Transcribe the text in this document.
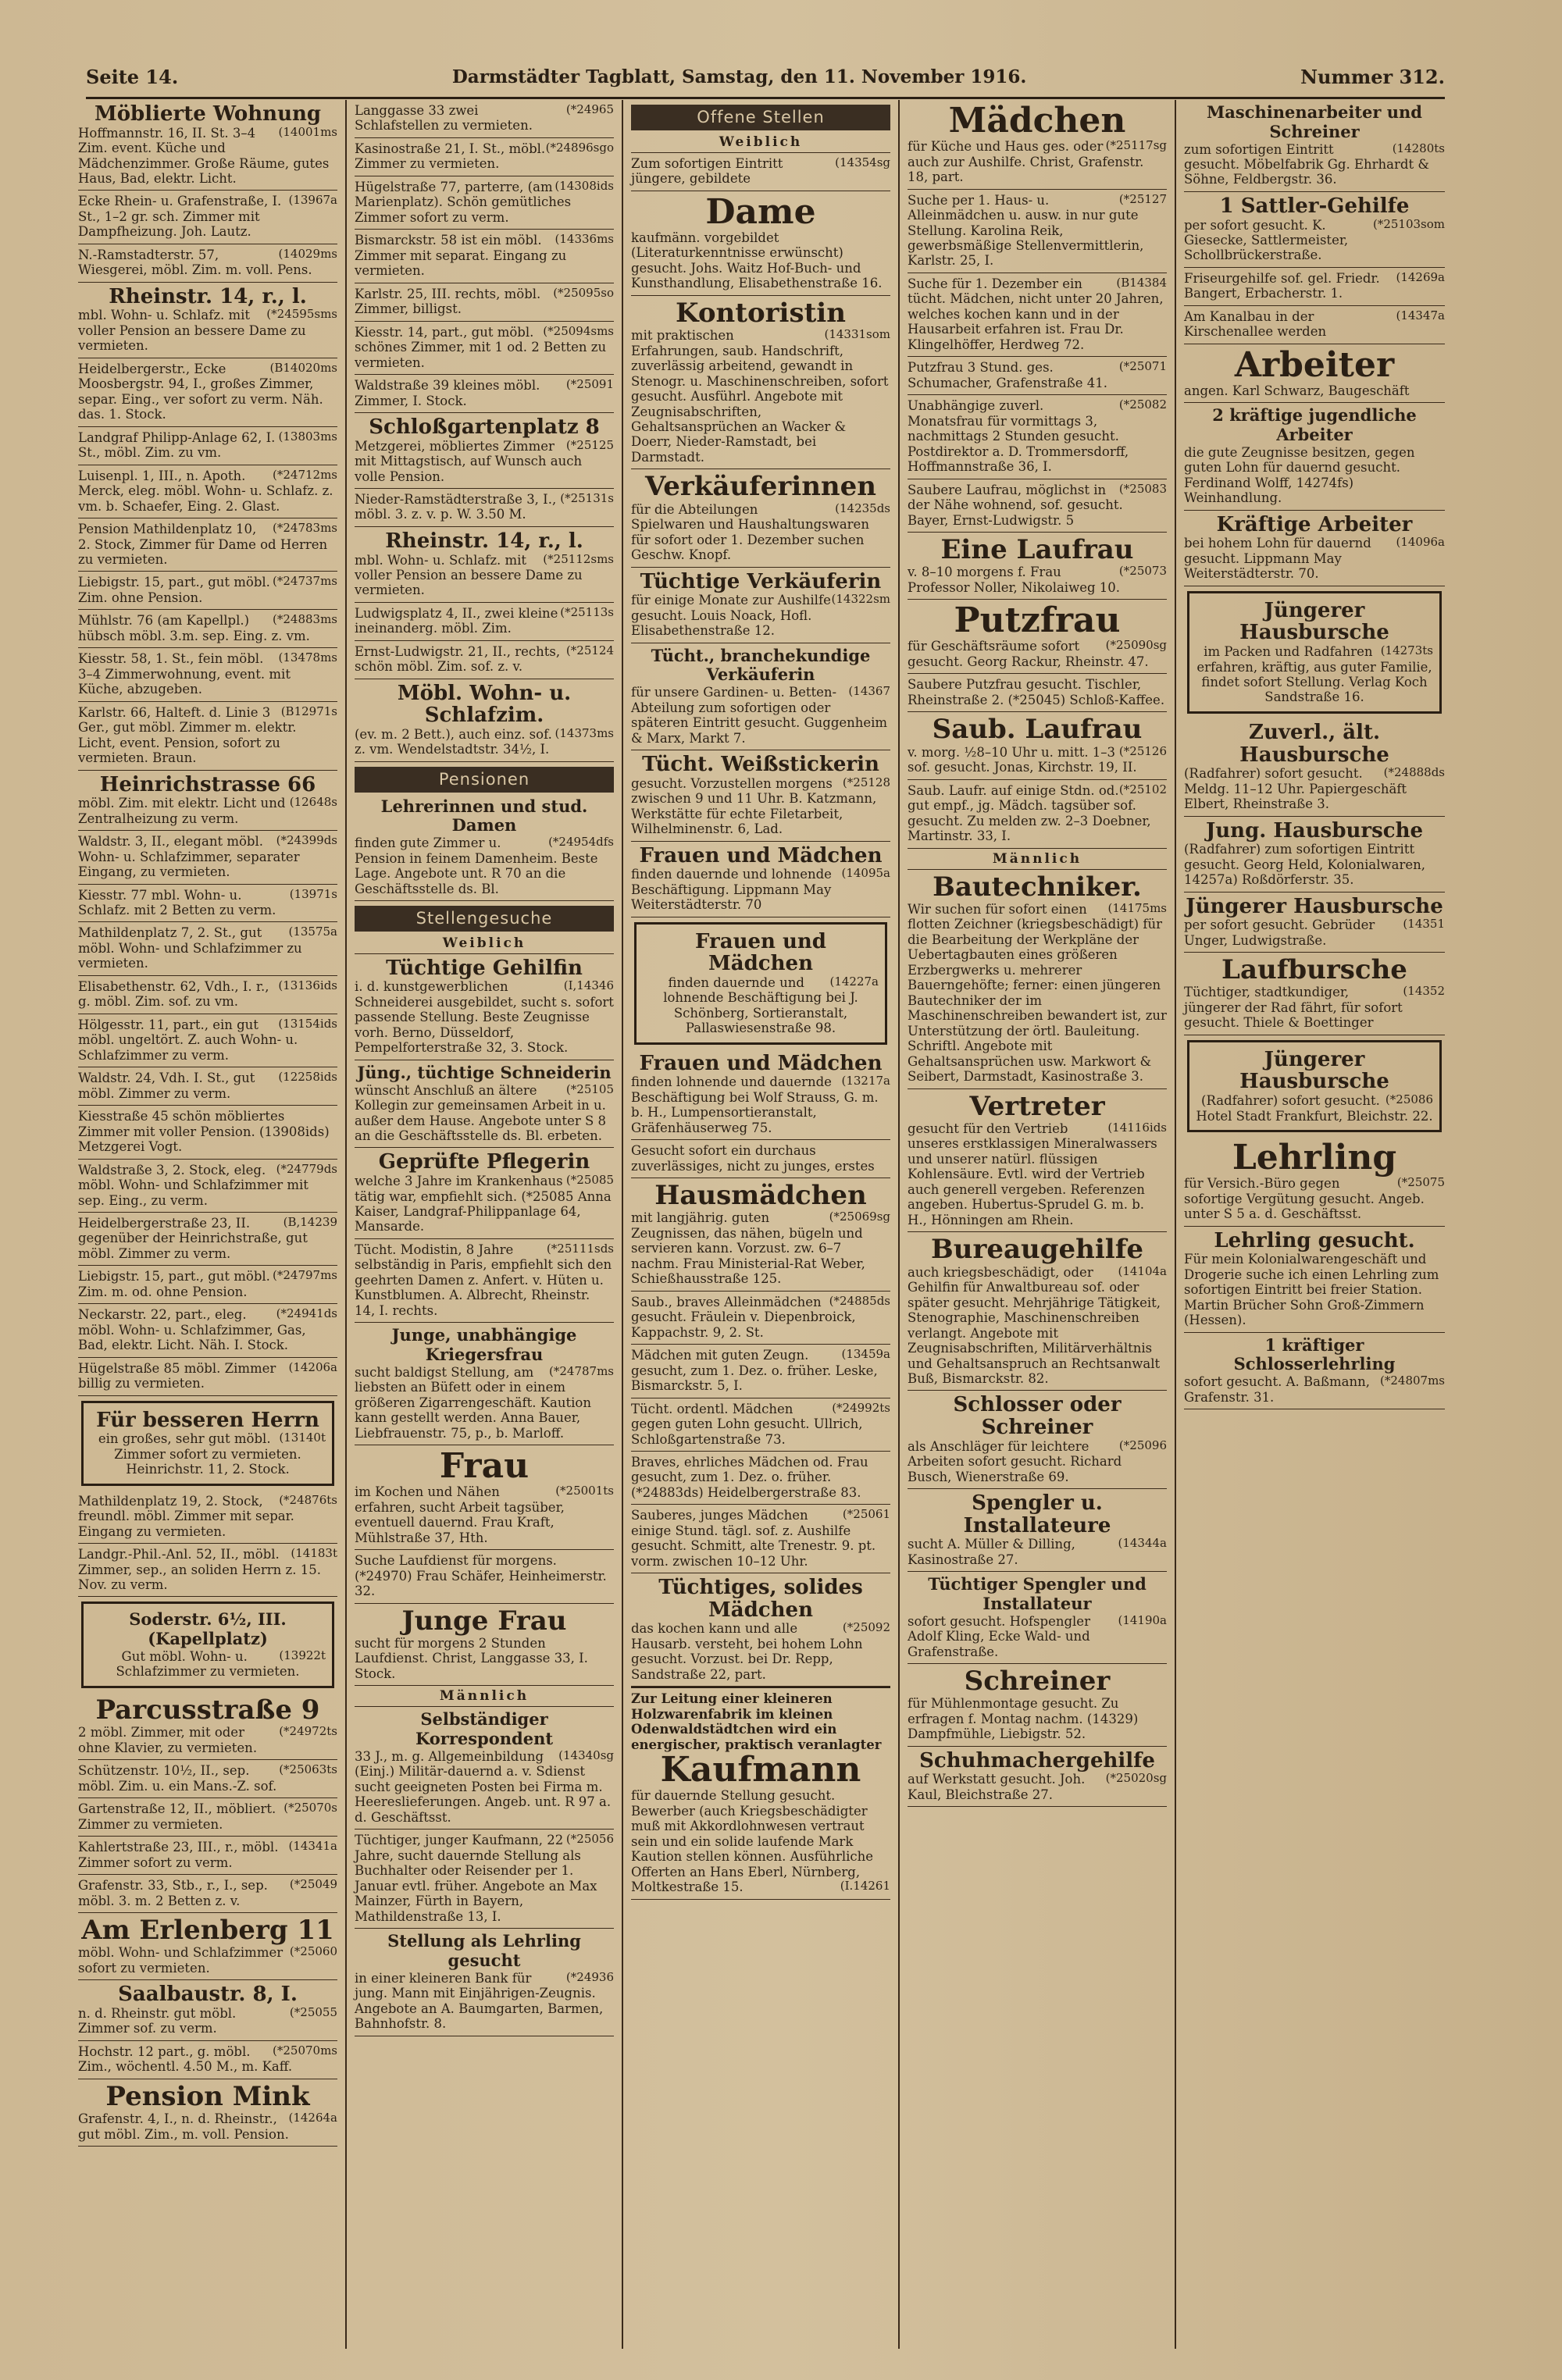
Seite 14.	Darmstädter Tagblatt, Samstag, den 11. November 1916.	Nummer 312.
Möblierte Wohnung
(14001ms
Hoffmannstr. 16, II. St. 3–4 Zim. event. Küche und Mädchenzimmer. Große Räume, gutes Haus, Bad, elektr. Licht.
(13967a
Ecke Rhein- u. Grafenstraße, I. St., 1–2 gr. sch. Zimmer mit Dampfheizung. Joh. Lautz.
(14029ms
N.-Ramstadterstr. 57, Wiesgerei, möbl. Zim. m. voll. Pens.
Rheinstr. 14, r., l.
(*24595sms
mbl. Wohn- u. Schlafz. mit voller Pension an bessere Dame zu vermieten.
(B14020ms
Heidelbergerstr., Ecke Moosbergstr. 94, I., großes Zimmer, separ. Eing., ver sofort zu verm. Näh. das. 1. Stock.
(13803ms
Landgraf Philipp-Anlage 62, I. St., möbl. Zim. zu vm.
(*24712ms
Luisenpl. 1, III., n. Apoth. Merck, eleg. möbl. Wohn- u. Schlafz. z. vm. b. Schaefer, Eing. 2. Glast.
(*24783ms
Pension Mathildenplatz 10, 2. Stock, Zimmer für Dame od Herren zu vermieten.
(*24737ms
Liebigstr. 15, part., gut möbl. Zim. ohne Pension.
(*24883ms
Mühlstr. 76 (am Kapellpl.) hübsch möbl. 3.m. sep. Eing. z. vm.
(13478ms
Kiesstr. 58, 1. St., fein möbl. 3–4 Zimmerwohnung, event. mit Küche, abzugeben.
(B12971s
Karlstr. 66, Halteft. d. Linie 3 Ger., gut möbl. Zimmer m. elektr. Licht, event. Pension, sofort zu vermieten. Braun.
Heinrichstrasse 66
(12648s
möbl. Zim. mit elektr. Licht und Zentralheizung zu verm.
(*24399ds
Waldstr. 3, II., elegant möbl. Wohn- u. Schlafzimmer, separater Eingang, zu vermieten.
(13971s
Kiesstr. 77 mbl. Wohn- u. Schlafz. mit 2 Betten zu verm.
(13575a
Mathildenplatz 7, 2. St., gut möbl. Wohn- und Schlafzimmer zu vermieten.
(13136ids
Elisabethenstr. 62, Vdh., I. r., g. möbl. Zim. sof. zu vm.
(13154ids
Hölgesstr. 11, part., ein gut möbl. ungeltört. Z. auch Wohn- u. Schlafzimmer zu verm.
(12258ids
Waldstr. 24, Vdh. I. St., gut möbl. Zimmer zu verm.
Kiesstraße 45 schön möbliertes Zimmer mit voller Pension. (13908ids) Metzgerei Vogt.
(*24779ds
Waldstraße 3, 2. Stock, eleg. möbl. Wohn- und Schlafzimmer mit sep. Eing., zu verm.
(B,14239
Heidelbergerstraße 23, II. gegenüber der Heinrichstraße, gut möbl. Zimmer zu verm.
(*24797ms
Liebigstr. 15, part., gut möbl. Zim. m. od. ohne Pension.
(*24941ds
Neckarstr. 22, part., eleg. möbl. Wohn- u. Schlafzimmer, Gas, Bad, elektr. Licht. Näh. I. Stock.
(14206a
Hügelstraße 85 möbl. Zimmer billig zu vermieten.
Für besseren Herrn
(13140t
ein großes, sehr gut möbl. Zimmer sofort zu vermieten. Heinrichstr. 11, 2. Stock.
(*24876ts
Mathildenplatz 19, 2. Stock, freundl. möbl. Zimmer mit separ. Eingang zu vermieten.
(14183t
Landgr.-Phil.-Anl. 52, II., möbl. Zimmer, sep., an soliden Herrn z. 15. Nov. zu verm.
Soderstr. 6½, III. (Kapellplatz)
(13922t
Gut möbl. Wohn- u. Schlafzimmer zu vermieten.
Parcusstraße 9
(*24972ts
2 möbl. Zimmer, mit oder ohne Klavier, zu vermieten.
(*25063ts
Schützenstr. 10½, II., sep. möbl. Zim. u. ein Mans.-Z. sof.
(*25070s
Gartenstraße 12, II., möbliert. Zimmer zu vermieten.
(14341a
Kahlertstraße 23, III., r., möbl. Zimmer sofort zu verm.
(*25049
Grafenstr. 33, Stb., r., I., sep. möbl. 3. m. 2 Betten z. v.
Am Erlenberg 11
(*25060
möbl. Wohn- und Schlafzimmer sofort zu vermieten.
Saalbaustr. 8, I.
(*25055
n. d. Rheinstr. gut möbl. Zimmer sof. zu verm.
(*25070ms
Hochstr. 12 part., g. möbl. Zim., wöchentl. 4.50 M., m. Kaff.
Pension Mink
(14264a
Grafenstr. 4, I., n. d. Rheinstr., gut möbl. Zim., m. voll. Pension.
(*24965
Langgasse 33 zwei Schlafstellen zu vermieten.
(*24896sgo
Kasinostraße 21, I. St., möbl. Zimmer zu vermieten.
(14308ids
Hügelstraße 77, parterre, (am Marienplatz). Schön gemütliches Zimmer sofort zu verm.
(14336ms
Bismarckstr. 58 ist ein möbl. Zimmer mit separat. Eingang zu vermieten.
(*25095so
Karlstr. 25, III. rechts, möbl. Zimmer, billigst.
(*25094sms
Kiesstr. 14, part., gut möbl. schönes Zimmer, mit 1 od. 2 Betten zu vermieten.
(*25091
Waldstraße 39 kleines möbl. Zimmer, I. Stock.
Schloßgartenplatz 8
(*25125
Metzgerei, möbliertes Zimmer mit Mittagstisch, auf Wunsch auch volle Pension.
(*25131s
Nieder-Ramstädterstraße 3, I., möbl. 3. z. v. p. W. 3.50 M.
Rheinstr. 14, r., l.
(*25112sms
mbl. Wohn- u. Schlafz. mit voller Pension an bessere Dame zu vermieten.
(*25113s
Ludwigsplatz 4, II., zwei kleine ineinanderg. möbl. Zim.
(*25124
Ernst-Ludwigstr. 21, II., rechts, schön möbl. Zim. sof. z. v.
Möbl. Wohn- u. Schlafzim.
(14373ms
(ev. m. 2 Bett.), auch einz. sof. z. vm. Wendelstadtstr. 34½, I.
Pensionen
Lehrerinnen und stud. Damen
(*24954dfs
finden gute Zimmer u. Pension in feinem Damenheim. Beste Lage. Angebote unt. R 70 an die Geschäftsstelle ds. Bl.
Stellengesuche
Weiblich
Tüchtige Gehilfin
(I,14346
i. d. kunstgewerblichen Schneiderei ausgebildet, sucht s. sofort passende Stellung. Beste Zeugnisse vorh. Berno, Düsseldorf, Pempelforterstraße 32, 3. Stock.
Jüng., tüchtige Schneiderin
(*25105
wünscht Anschluß an ältere Kollegin zur gemeinsamen Arbeit in u. außer dem Hause. Angebote unter S 8 an die Geschäftsstelle ds. Bl. erbeten.
Geprüfte Pflegerin
(*25085
welche 3 Jahre im Krankenhaus tätig war, empfiehlt sich. (*25085 Anna Kaiser, Landgraf-Philippanlage 64, Mansarde.
(*25111sds
Tücht. Modistin, 8 Jahre selbständig in Paris, empfiehlt sich den geehrten Damen z. Anfert. v. Hüten u. Kunstblumen. A. Albrecht, Rheinstr. 14, I. rechts.
Junge, unabhängige Kriegersfrau
(*24787ms
sucht baldigst Stellung, am liebsten an Büfett oder in einem größeren Zigarrengeschäft. Kaution kann gestellt werden. Anna Bauer, Liebfrauenstr. 75, p., b. Marloff.
Frau
(*25001ts
im Kochen und Nähen erfahren, sucht Arbeit tagsüber, eventuell dauernd. Frau Kraft, Mühlstraße 37, Hth.
Suche Laufdienst für morgens. (*24970) Frau Schäfer, Heinheimerstr. 32.
Junge Frau
sucht für morgens 2 Stunden Laufdienst. Christ, Langgasse 33, I. Stock.
Männlich
Selbständiger Korrespondent
(14340sg
33 J., m. g. Allgemeinbildung (Einj.) Militär-dauernd a. v. Sdienst sucht geeigneten Posten bei Firma m. Heereslieferungen. Angeb. unt. R 97 a. d. Geschäftsst.
(*25056
Tüchtiger, junger Kaufmann, 22 Jahre, sucht dauernde Stellung als Buchhalter oder Reisender per 1. Januar evtl. früher. Angebote an Max Mainzer, Fürth in Bayern, Mathildenstraße 13, I.
Stellung als Lehrling gesucht
(*24936
in einer kleineren Bank für jung. Mann mit Einjährigen-Zeugnis. Angebote an A. Baumgarten, Barmen, Bahnhofstr. 8.
Offene Stellen
Weiblich
(14354sg
Zum sofortigen Eintritt jüngere, gebildete
Dame
kaufmänn. vorgebildet (Literaturkenntnisse erwünscht) gesucht. Johs. Waitz Hof-Buch- und Kunsthandlung, Elisabethenstraße 16.
Kontoristin
(14331som
mit praktischen Erfahrungen, saub. Handschrift, zuverlässig arbeitend, gewandt in Stenogr. u. Maschinenschreiben, sofort gesucht. Ausführl. Angebote mit Zeugnisabschriften, Gehaltsansprüchen an Wacker & Doerr, Nieder-Ramstadt, bei Darmstadt.
Verkäuferinnen
(14235ds
für die Abteilungen Spielwaren und Haushaltungswaren für sofort oder 1. Dezember suchen Geschw. Knopf.
Tüchtige Verkäuferin
(14322sm
für einige Monate zur Aushilfe gesucht. Louis Noack, Hofl. Elisabethenstraße 12.
Tücht., branchekundige Verkäuferin
(14367
für unsere Gardinen- u. Betten-Abteilung zum sofortigen oder späteren Eintritt gesucht. Guggenheim & Marx, Markt 7.
Tücht. Weißstickerin
(*25128
gesucht. Vorzustellen morgens zwischen 9 und 11 Uhr. B. Katzmann, Werkstätte für echte Filetarbeit, Wilhelminenstr. 6, Lad.
Frauen und Mädchen
(14095a
finden dauernde und lohnende Beschäftigung. Lippmann May Weiterstädterstr. 70
Frauen und Mädchen
(14227a
finden dauernde und lohnende Beschäftigung bei J. Schönberg, Sortieranstalt, Pallaswiesenstraße 98.
Frauen und Mädchen
(13217a
finden lohnende und dauernde Beschäftigung bei Wolf Strauss, G. m. b. H., Lumpensortieranstalt, Gräfenhäuserweg 75.
Gesucht sofort ein durchaus zuverlässiges, nicht zu junges, erstes
Hausmädchen
(*25069sg
mit langjährig. guten Zeugnissen, das nähen, bügeln und servieren kann. Vorzust. zw. 6–7 nachm. Frau Ministerial-Rat Weber, Schießhausstraße 125.
(*24885ds
Saub., braves Alleinmädchen gesucht. Fräulein v. Diepenbroick, Kappachstr. 9, 2. St.
(13459a
Mädchen mit guten Zeugn. gesucht, zum 1. Dez. o. früher. Leske, Bismarckstr. 5, I.
(*24992ts
Tücht. ordentl. Mädchen gegen guten Lohn gesucht. Ullrich, Schloßgartenstraße 73.
Braves, ehrliches Mädchen od. Frau gesucht, zum 1. Dez. o. früher. (*24883ds) Heidelbergerstraße 83.
(*25061
Sauberes, junges Mädchen einige Stund. tägl. sof. z. Aushilfe gesucht. Schmitt, alte Trenestr. 9. pt. vorm. zwischen 10–12 Uhr.
Tüchtiges, solides Mädchen
(*25092
das kochen kann und alle Hausarb. versteht, bei hohem Lohn gesucht. Vorzust. bei Dr. Repp, Sandstraße 22, part.
Zur Leitung einer kleineren Holzwarenfabrik im kleinen Odenwaldstädtchen wird ein energischer, praktisch veranlagter
Kaufmann
für dauernde Stellung gesucht. Bewerber (auch Kriegsbeschädigter muß mit Akkordlohnwesen vertraut sein und ein solide laufende Mark Kaution stellen können. Ausführliche Offerten an Hans Eberl, Nürnberg, Moltkestraße 15.	(I.14261
Mädchen
(*25117sg
für Küche und Haus ges. oder auch zur Aushilfe. Christ, Grafenstr. 18, part.
(*25127
Suche per 1. Haus- u. Alleinmädchen u. ausw. in nur gute Stellung. Karolina Reik, gewerbsmäßige Stellenvermittlerin, Karlstr. 25, I.
(B14384
Suche für 1. Dezember ein tücht. Mädchen, nicht unter 20 Jahren, welches kochen kann und in der Hausarbeit erfahren ist. Frau Dr. Klingelhöffer, Herdweg 72.
(*25071
Putzfrau 3 Stund. ges. Schumacher, Grafenstraße 41.
(*25082
Unabhängige zuverl. Monatsfrau für vormittags 3, nachmittags 2 Stunden gesucht. Postdirektor a. D. Trommersdorff, Hoffmannstraße 36, I.
(*25083
Saubere Laufrau, möglichst in der Nähe wohnend, sof. gesucht. Bayer, Ernst-Ludwigstr. 5
Eine Laufrau
(*25073
v. 8–10 morgens f. Frau Professor Noller, Nikolaiweg 10.
Putzfrau
(*25090sg
für Geschäftsräume sofort gesucht. Georg Rackur, Rheinstr. 47.
Saubere Putzfrau gesucht. Tischler, Rheinstraße 2. (*25045) Schloß-Kaffee.
Saub. Laufrau
(*25126
v. morg. ½8–10 Uhr u. mitt. 1–3 sof. gesucht. Jonas, Kirchstr. 19, II.
(*25102
Saub. Laufr. auf einige Stdn. od. gut empf., jg. Mädch. tagsüber sof. gesucht. Zu melden zw. 2–3 Doebner, Martinstr. 33, I.
Männlich
Bautechniker.
(14175ms
Wir suchen für sofort einen flotten Zeichner (kriegsbeschädigt) für die Bearbeitung der Werkpläne der Uebertagbauten eines größeren Erzbergwerks u. mehrerer Bauerngehöfte; ferner: einen jüngeren Bautechniker der im Maschinenschreiben bewandert ist, zur Unterstützung der örtl. Bauleitung. Schriftl. Angebote mit Gehaltsansprüchen usw. Markwort & Seibert, Darmstadt, Kasinostraße 3.
Vertreter
(14116ids
gesucht für den Vertrieb unseres erstklassigen Mineralwassers und unserer natürl. flüssigen Kohlensäure. Evtl. wird der Vertrieb auch generell vergeben. Referenzen angeben. Hubertus-Sprudel G. m. b. H., Hönningen am Rhein.
Bureaugehilfe
(14104a
auch kriegsbeschädigt, oder Gehilfin für Anwaltbureau sof. oder später gesucht. Mehrjährige Tätigkeit, Stenographie, Maschinenschreiben verlangt. Angebote mit Zeugnisabschriften, Militärverhältnis und Gehaltsanspruch an Rechtsanwalt Buß, Bismarckstr. 82.
Schlosser oder Schreiner
(*25096
als Anschläger für leichtere Arbeiten sofort gesucht. Richard Busch, Wienerstraße 69.
Spengler u. Installateure
(14344a
sucht A. Müller & Dilling, Kasinostraße 27.
Tüchtiger Spengler und Installateur
(14190a
sofort gesucht. Hofspengler Adolf Kling, Ecke Wald- und Grafenstraße.
Schreiner
für Mühlenmontage gesucht. Zu erfragen f. Montag nachm. (14329) Dampfmühle, Liebigstr. 52.
Schuhmachergehilfe
(*25020sg
auf Werkstatt gesucht. Joh. Kaul, Bleichstraße 27.
Maschinenarbeiter und Schreiner
(14280ts
zum sofortigen Eintritt gesucht. Möbelfabrik Gg. Ehrhardt & Söhne, Feldbergstr. 36.
1 Sattler-Gehilfe
(*25103som
per sofort gesucht. K. Giesecke, Sattlermeister, Schollbrückerstraße.
(14269a
Friseurgehilfe sof. gel. Friedr. Bangert, Erbacherstr. 1.
(14347a
Am Kanalbau in der Kirschenallee werden
Arbeiter
angen. Karl Schwarz, Baugeschäft
2 kräftige jugendliche Arbeiter
die gute Zeugnisse besitzen, gegen guten Lohn für dauernd gesucht. Ferdinand Wolff, 14274fs) Weinhandlung.
Kräftige Arbeiter
(14096a
bei hohem Lohn für dauernd gesucht. Lippmann May Weiterstädterstr. 70.
Jüngerer Hausbursche
(14273ts
im Packen und Radfahren erfahren, kräftig, aus guter Familie, findet sofort Stellung. Verlag Koch Sandstraße 16.
Zuverl., ält. Hausbursche
(*24888ds
(Radfahrer) sofort gesucht. Meldg. 11–12 Uhr. Papiergeschäft Elbert, Rheinstraße 3.
Jung. Hausbursche
(Radfahrer) zum sofortigen Eintritt gesucht. Georg Held, Kolonialwaren, 14257a) Roßdörferstr. 35.
Jüngerer Hausbursche
(14351
per sofort gesucht. Gebrüder Unger, Ludwigstraße.
Laufbursche
(14352
Tüchtiger, stadtkundiger, jüngerer der Rad fährt, für sofort gesucht. Thiele & Boettinger
Jüngerer Hausbursche
(*25086
(Radfahrer) sofort gesucht. Hotel Stadt Frankfurt, Bleichstr. 22.
Lehrling
(*25075
für Versich.-Büro gegen sofortige Vergütung gesucht. Angeb. unter S 5 a. d. Geschäftsst.
Lehrling gesucht.
Für mein Kolonialwarengeschäft und Drogerie suche ich einen Lehrling zum sofortigen Eintritt bei freier Station. Martin Brücher Sohn Groß-Zimmern (Hessen).
1 kräftiger Schlosserlehrling
(*24807ms
sofort gesucht. A. Baßmann, Grafenstr. 31.
